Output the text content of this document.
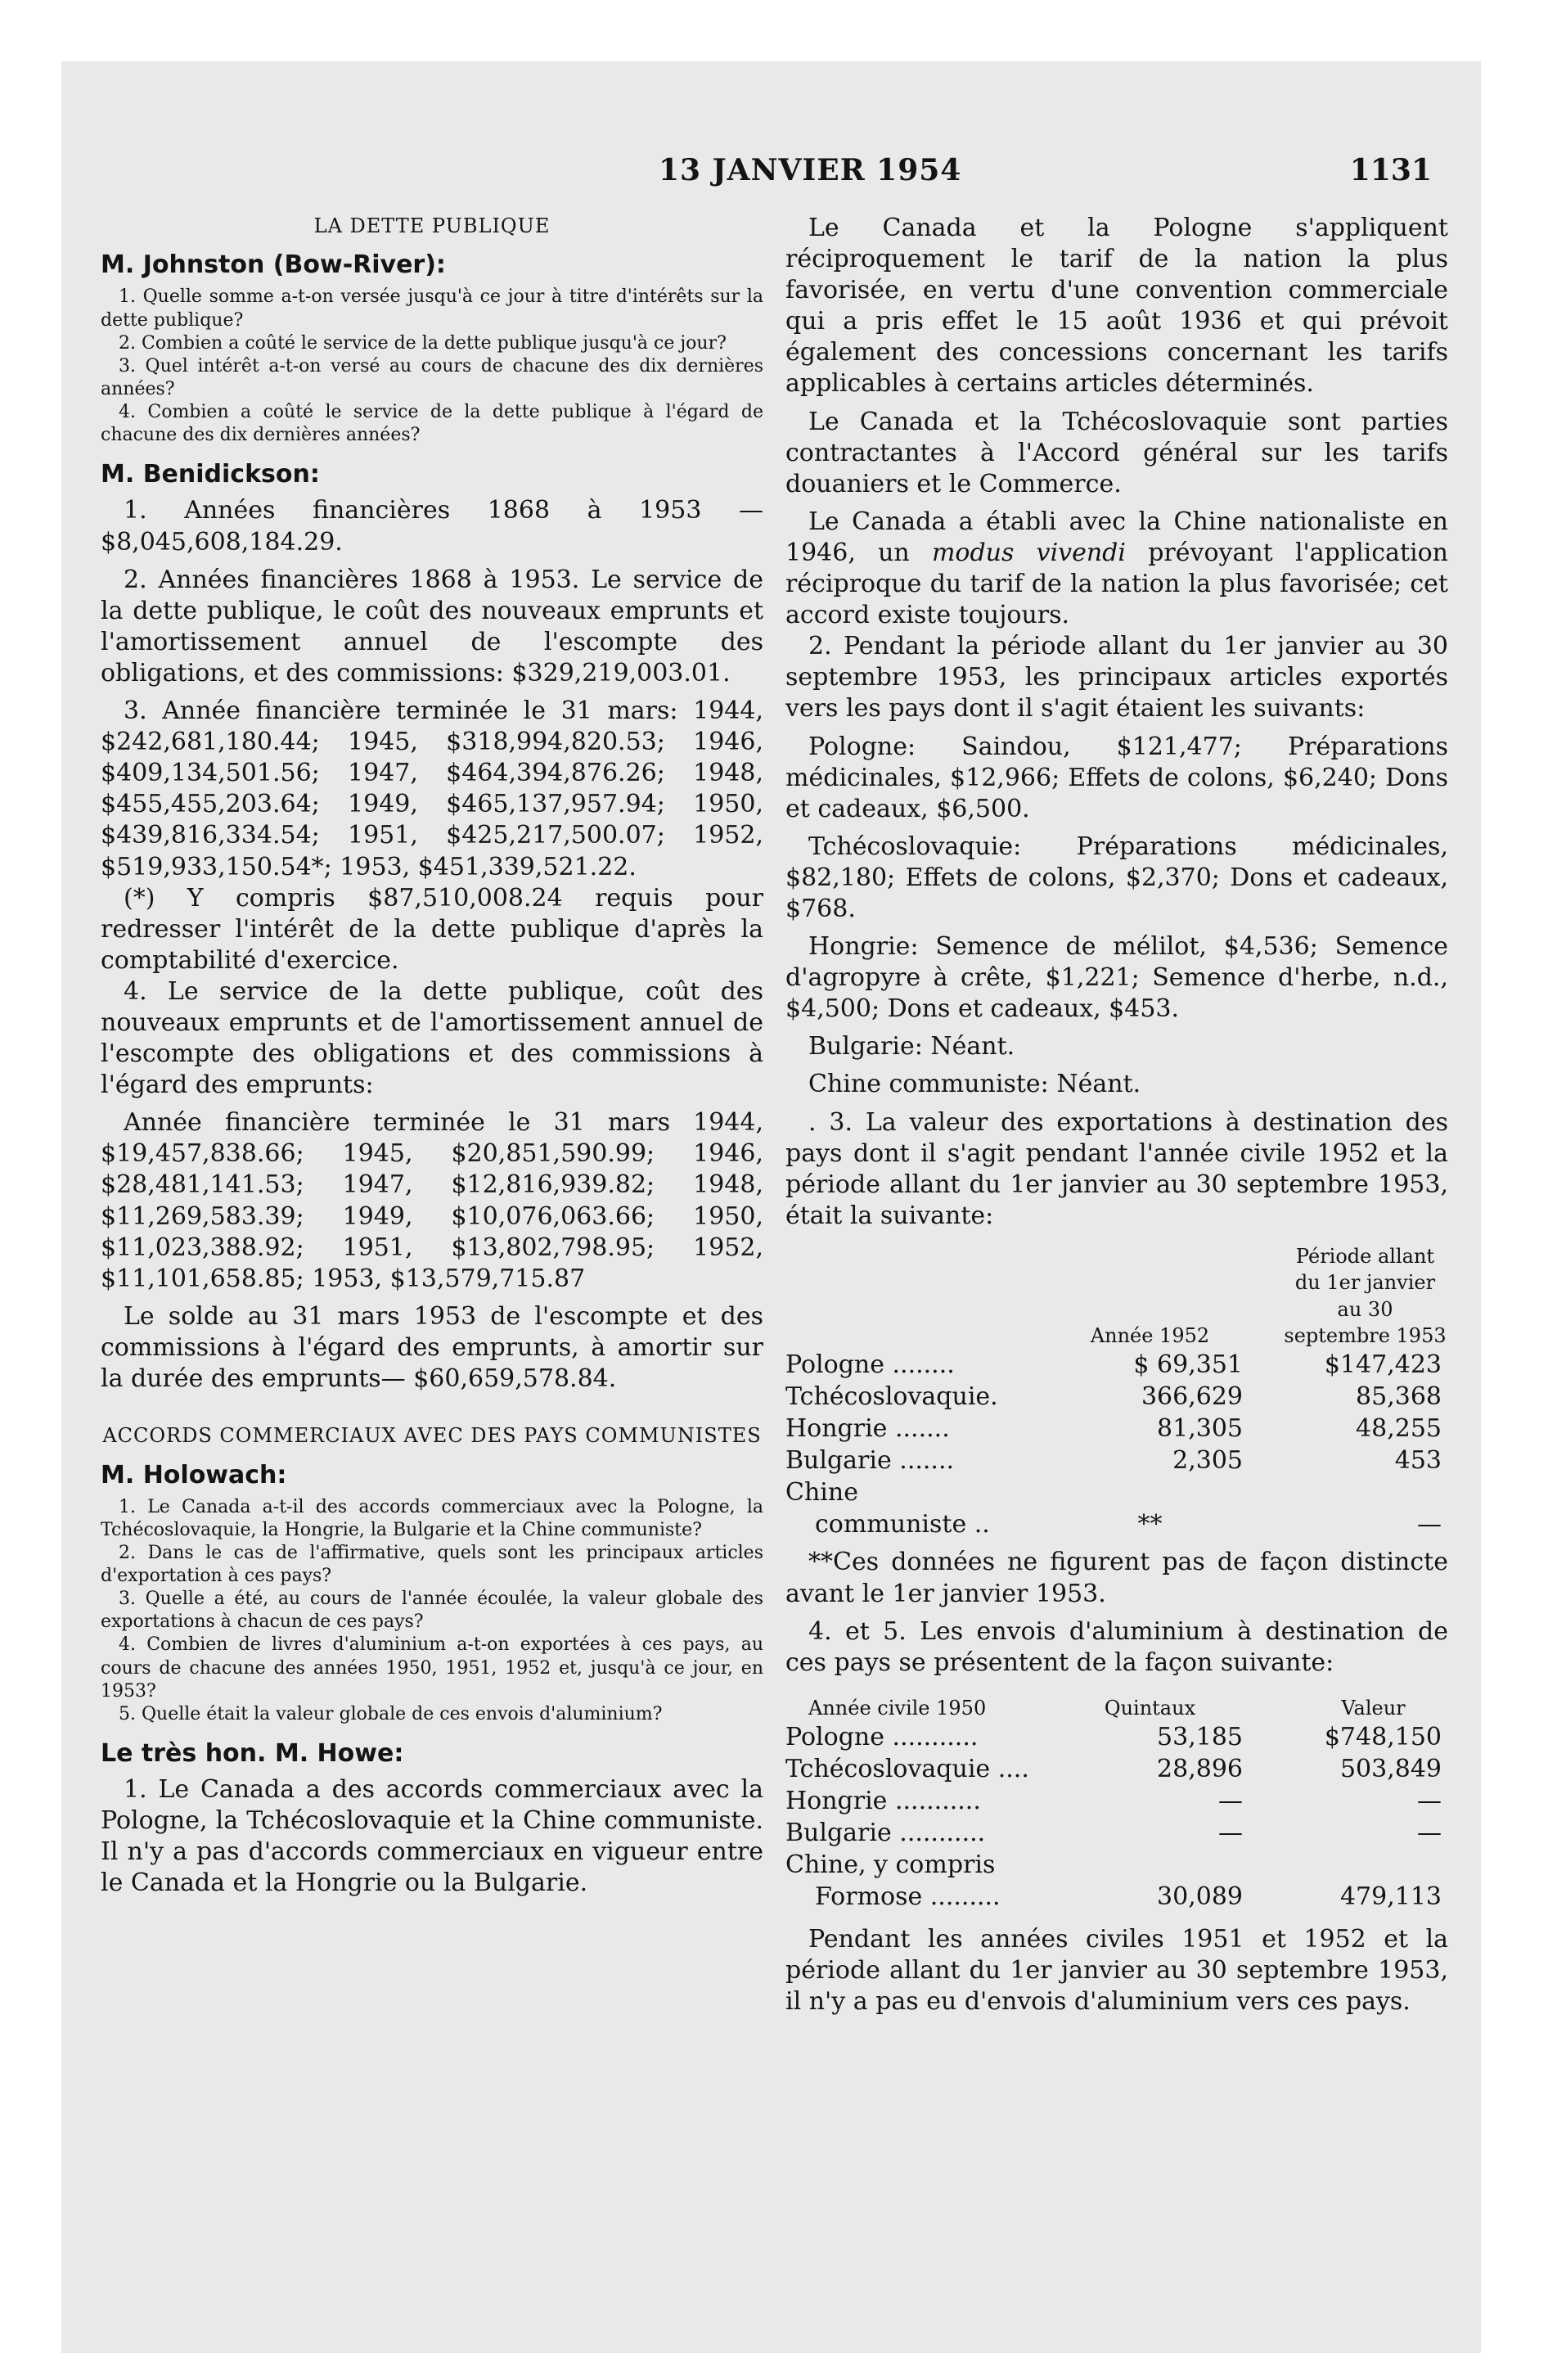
13 JANVIER 1954	1131

LA DETTE PUBLIQUE

M. Johnston (Bow-River):

1. Quelle somme a-t-on versée jusqu'à ce jour à titre d'intérêts sur la dette publique?

2. Combien a coûté le service de la dette publique jusqu'à ce jour?

3. Quel intérêt a-t-on versé au cours de chacune des dix dernières années?

4. Combien a coûté le service de la dette publique à l'égard de chacune des dix dernières années?

M. Benidickson:

1. Années financières 1868 à 1953 — $8,045,608,184.29.

2. Années financières 1868 à 1953. Le service de la dette publique, le coût des nouveaux emprunts et l'amortissement annuel de l'escompte des obligations, et des commissions: $329,219,003.01.

3. Année financière terminée le 31 mars: 1944, $242,681,180.44; 1945, $318,994,820.53; 1946, $409,134,501.56; 1947, $464,394,876.26; 1948, $455,455,203.64; 1949, $465,137,957.94; 1950, $439,816,334.54; 1951, $425,217,500.07; 1952, $519,933,150.54*; 1953, $451,339,521.22.

(*) Y compris $87,510,008.24 requis pour redresser l'intérêt de la dette publique d'après la comptabilité d'exercice.

4. Le service de la dette publique, coût des nouveaux emprunts et de l'amortissement annuel de l'escompte des obligations et des commissions à l'égard des emprunts:

Année financière terminée le 31 mars 1944, $19,457,838.66; 1945, $20,851,590.99; 1946, $28,481,141.53; 1947, $12,816,939.82; 1948, $11,269,583.39; 1949, $10,076,063.66; 1950, $11,023,388.92; 1951, $13,802,798.95; 1952, $11,101,658.85; 1953, $13,579,715.87

Le solde au 31 mars 1953 de l'escompte et des commissions à l'égard des emprunts, à amortir sur la durée des emprunts— $60,659,578.84.

ACCORDS COMMERCIAUX AVEC DES PAYS COMMUNISTES

M. Holowach:

1. Le Canada a-t-il des accords commerciaux avec la Pologne, la Tchécoslovaquie, la Hongrie, la Bulgarie et la Chine communiste?

2. Dans le cas de l'affirmative, quels sont les principaux articles d'exportation à ces pays?

3. Quelle a été, au cours de l'année écoulée, la valeur globale des exportations à chacun de ces pays?

4. Combien de livres d'aluminium a-t-on exportées à ces pays, au cours de chacune des années 1950, 1951, 1952 et, jusqu'à ce jour, en 1953?

5. Quelle était la valeur globale de ces envois d'aluminium?

Le très hon. M. Howe:

1. Le Canada a des accords commerciaux avec la Pologne, la Tchécoslovaquie et la Chine communiste. Il n'y a pas d'accords commerciaux en vigueur entre le Canada et la Hongrie ou la Bulgarie.

Le Canada et la Pologne s'appliquent réciproquement le tarif de la nation la plus favorisée, en vertu d'une convention commerciale qui a pris effet le 15 août 1936 et qui prévoit également des concessions concernant les tarifs applicables à certains articles déterminés.

Le Canada et la Tchécoslovaquie sont parties contractantes à l'Accord général sur les tarifs douaniers et le Commerce.

Le Canada a établi avec la Chine nationaliste en 1946, un modus vivendi prévoyant l'application réciproque du tarif de la nation la plus favorisée; cet accord existe toujours.

2. Pendant la période allant du 1er janvier au 30 septembre 1953, les principaux articles exportés vers les pays dont il s'agit étaient les suivants:

Pologne: Saindou, $121,477; Préparations médicinales, $12,966; Effets de colons, $6,240; Dons et cadeaux, $6,500.

Tchécoslovaquie: Préparations médicinales, $82,180; Effets de colons, $2,370; Dons et cadeaux, $768.

Hongrie: Semence de mélilot, $4,536; Semence d'agropyre à crête, $1,221; Semence d'herbe, n.d., $4,500; Dons et cadeaux, $453.

Bulgarie: Néant.

Chine communiste: Néant.

. 3. La valeur des exportations à destination des pays dont il s'agit pendant l'année civile 1952 et la période allant du 1er janvier au 30 septembre 1953, était la suivante:

	Année 1952	Période allant du 1er janvier au 30 septembre 1953
Pologne ........	$ 69,351	$147,423
Tchécoslovaquie.	366,629	85,368
Hongrie .......	81,305	48,255
Bulgarie .......	2,305	453
Chine		
communiste ..	**	—

**Ces données ne figurent pas de façon distincte avant le 1er janvier 1953.

4. et 5. Les envois d'aluminium à destination de ces pays se présentent de la façon suivante:

Année civile 1950	Quintaux	Valeur
Pologne ...........	53,185	$748,150
Tchécoslovaquie ....	28,896	503,849
Hongrie ...........	—	—
Bulgarie ...........	—	—
Chine, y compris		
Formose .........	30,089	479,113

Pendant les années civiles 1951 et 1952 et la période allant du 1er janvier au 30 septembre 1953, il n'y a pas eu d'envois d'aluminium vers ces pays.
